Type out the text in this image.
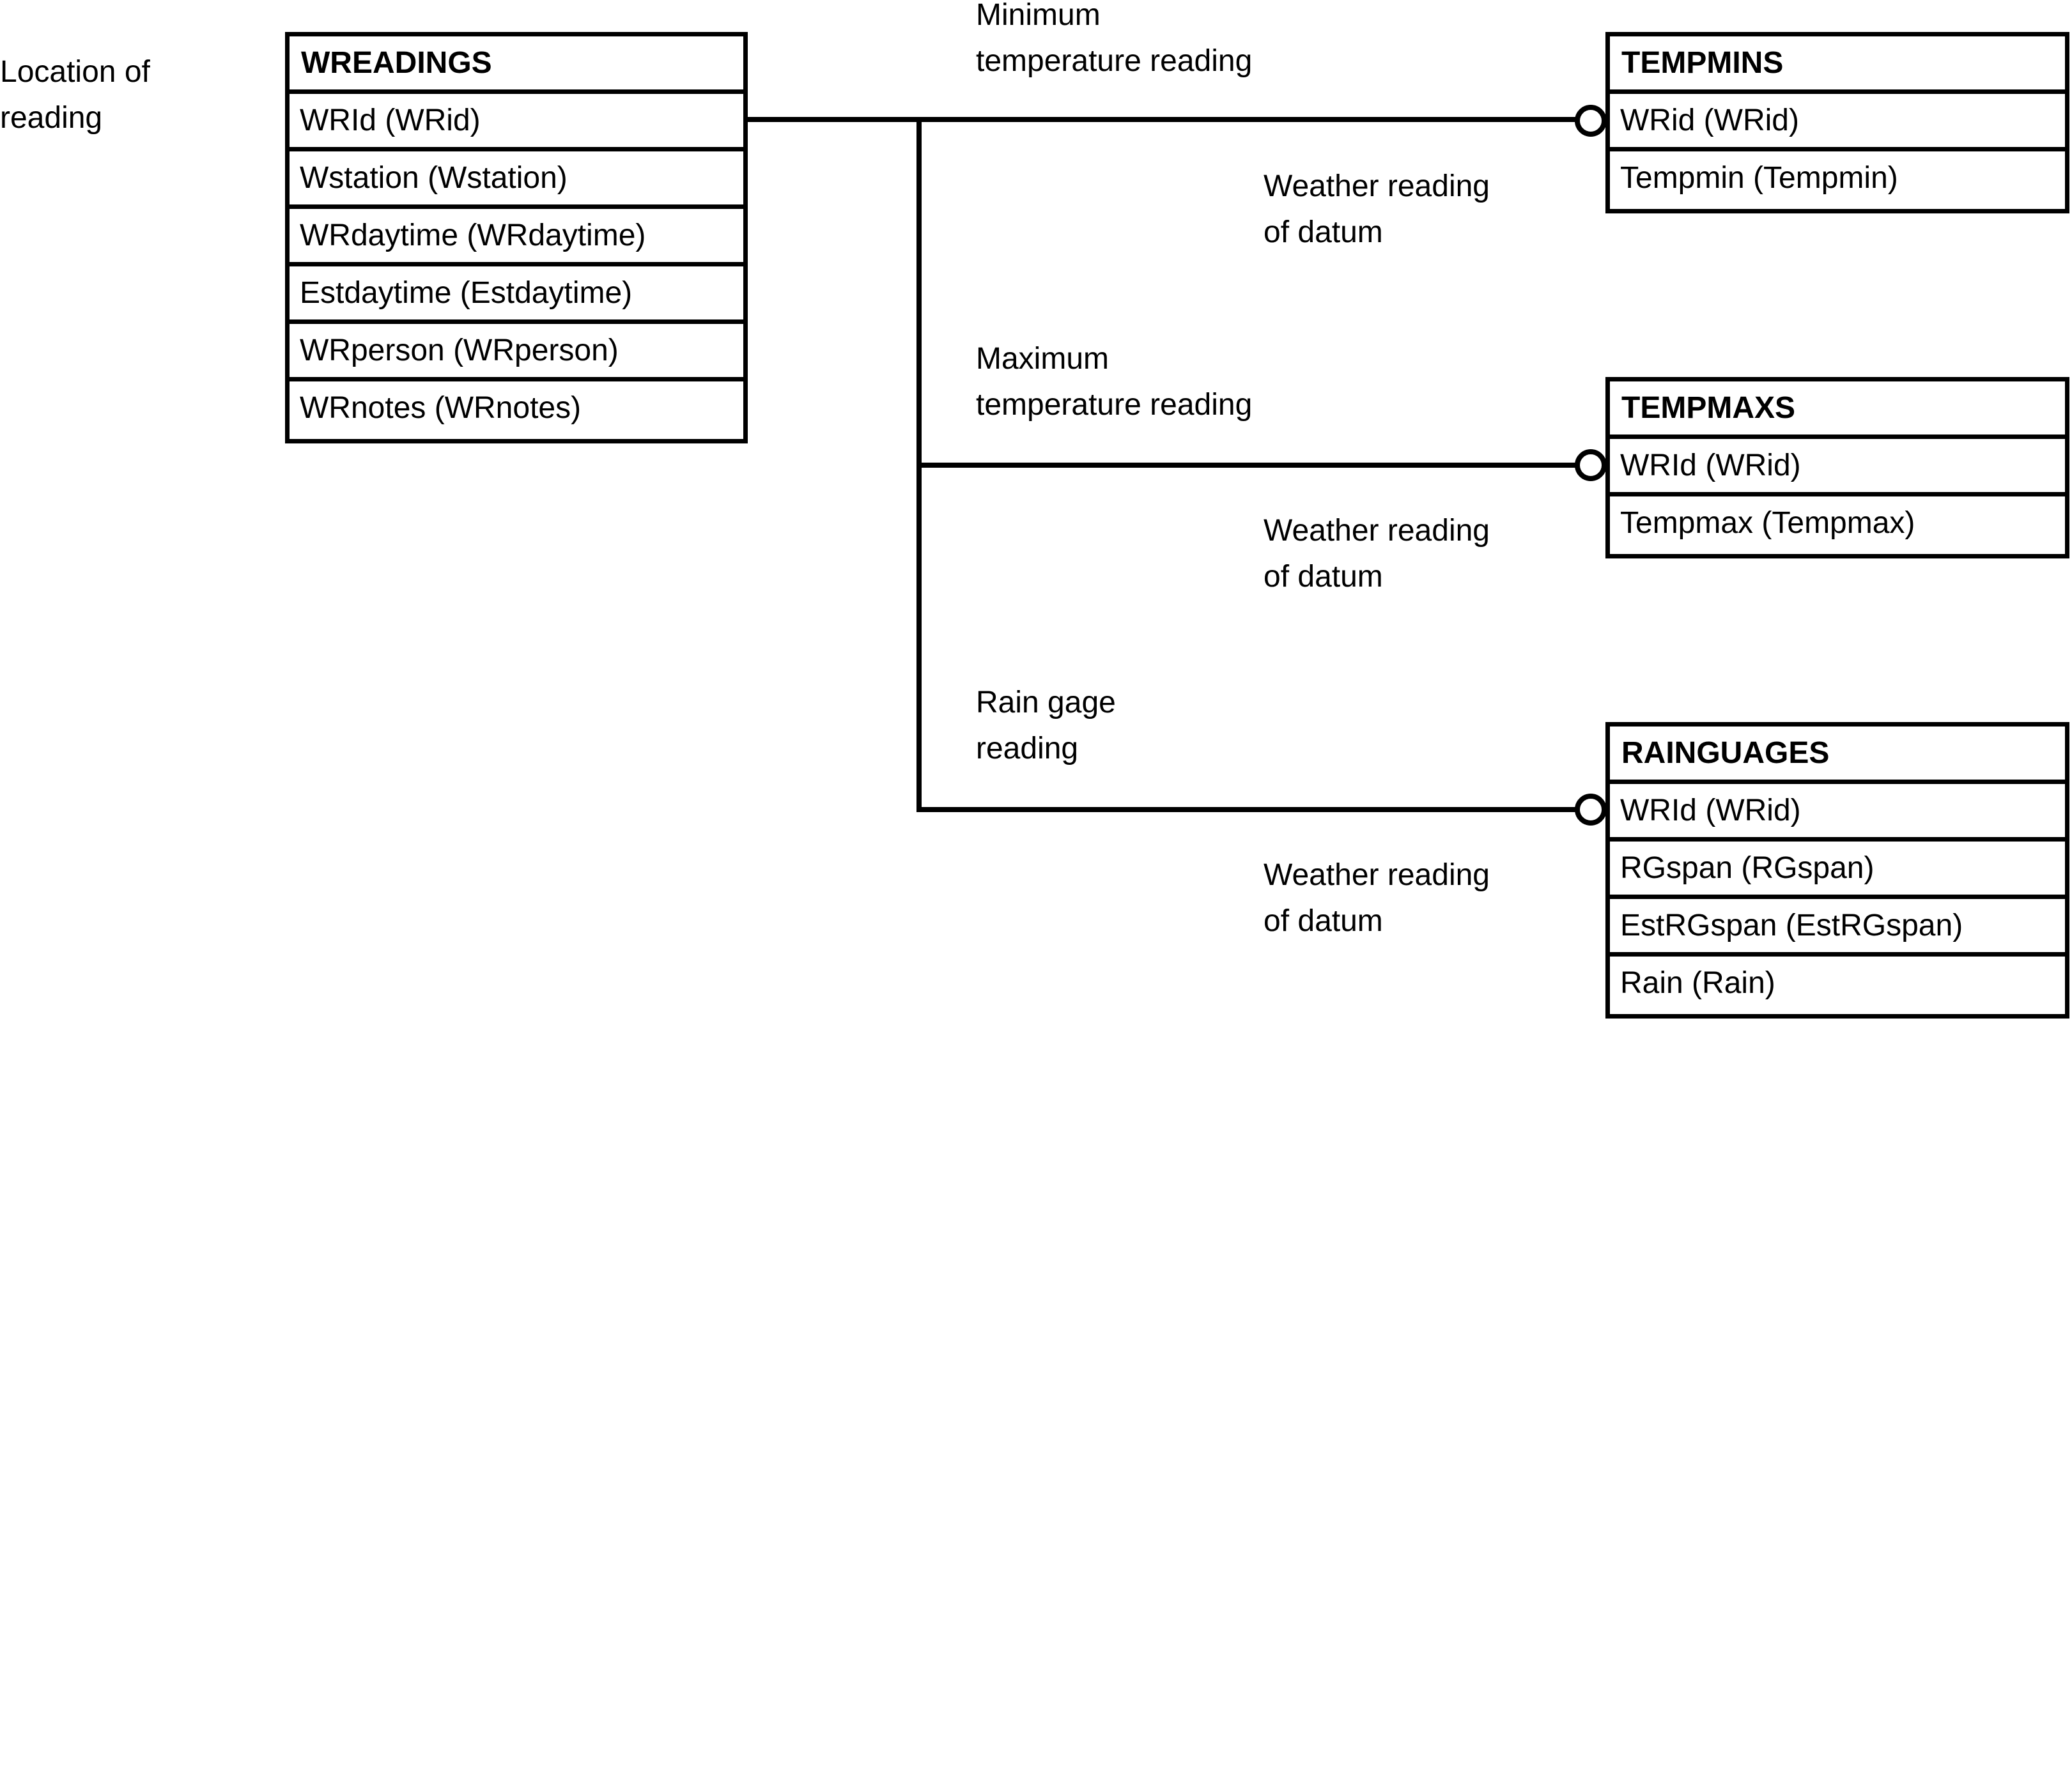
Location of
reading
WREADINGS
WRId (WRid)
Wstation (Wstation)
WRdaytime (WRdaytime)
Estdaytime (Estdaytime)
WRperson (WRperson)
WRnotes (WRnotes)
TEMPMINS
WRid (WRid)
Tempmin (Tempmin)
TEMPMAXS
WRId (WRid)
Tempmax (Tempmax)
RAINGUAGES
WRId (WRid)
RGspan (RGspan)
EstRGspan (EstRGspan)
Rain (Rain)
Minimum
temperature reading
Weather reading
of datum
Maximum
temperature reading
Weather reading
of datum
Rain gage
reading
Weather reading
of datum
